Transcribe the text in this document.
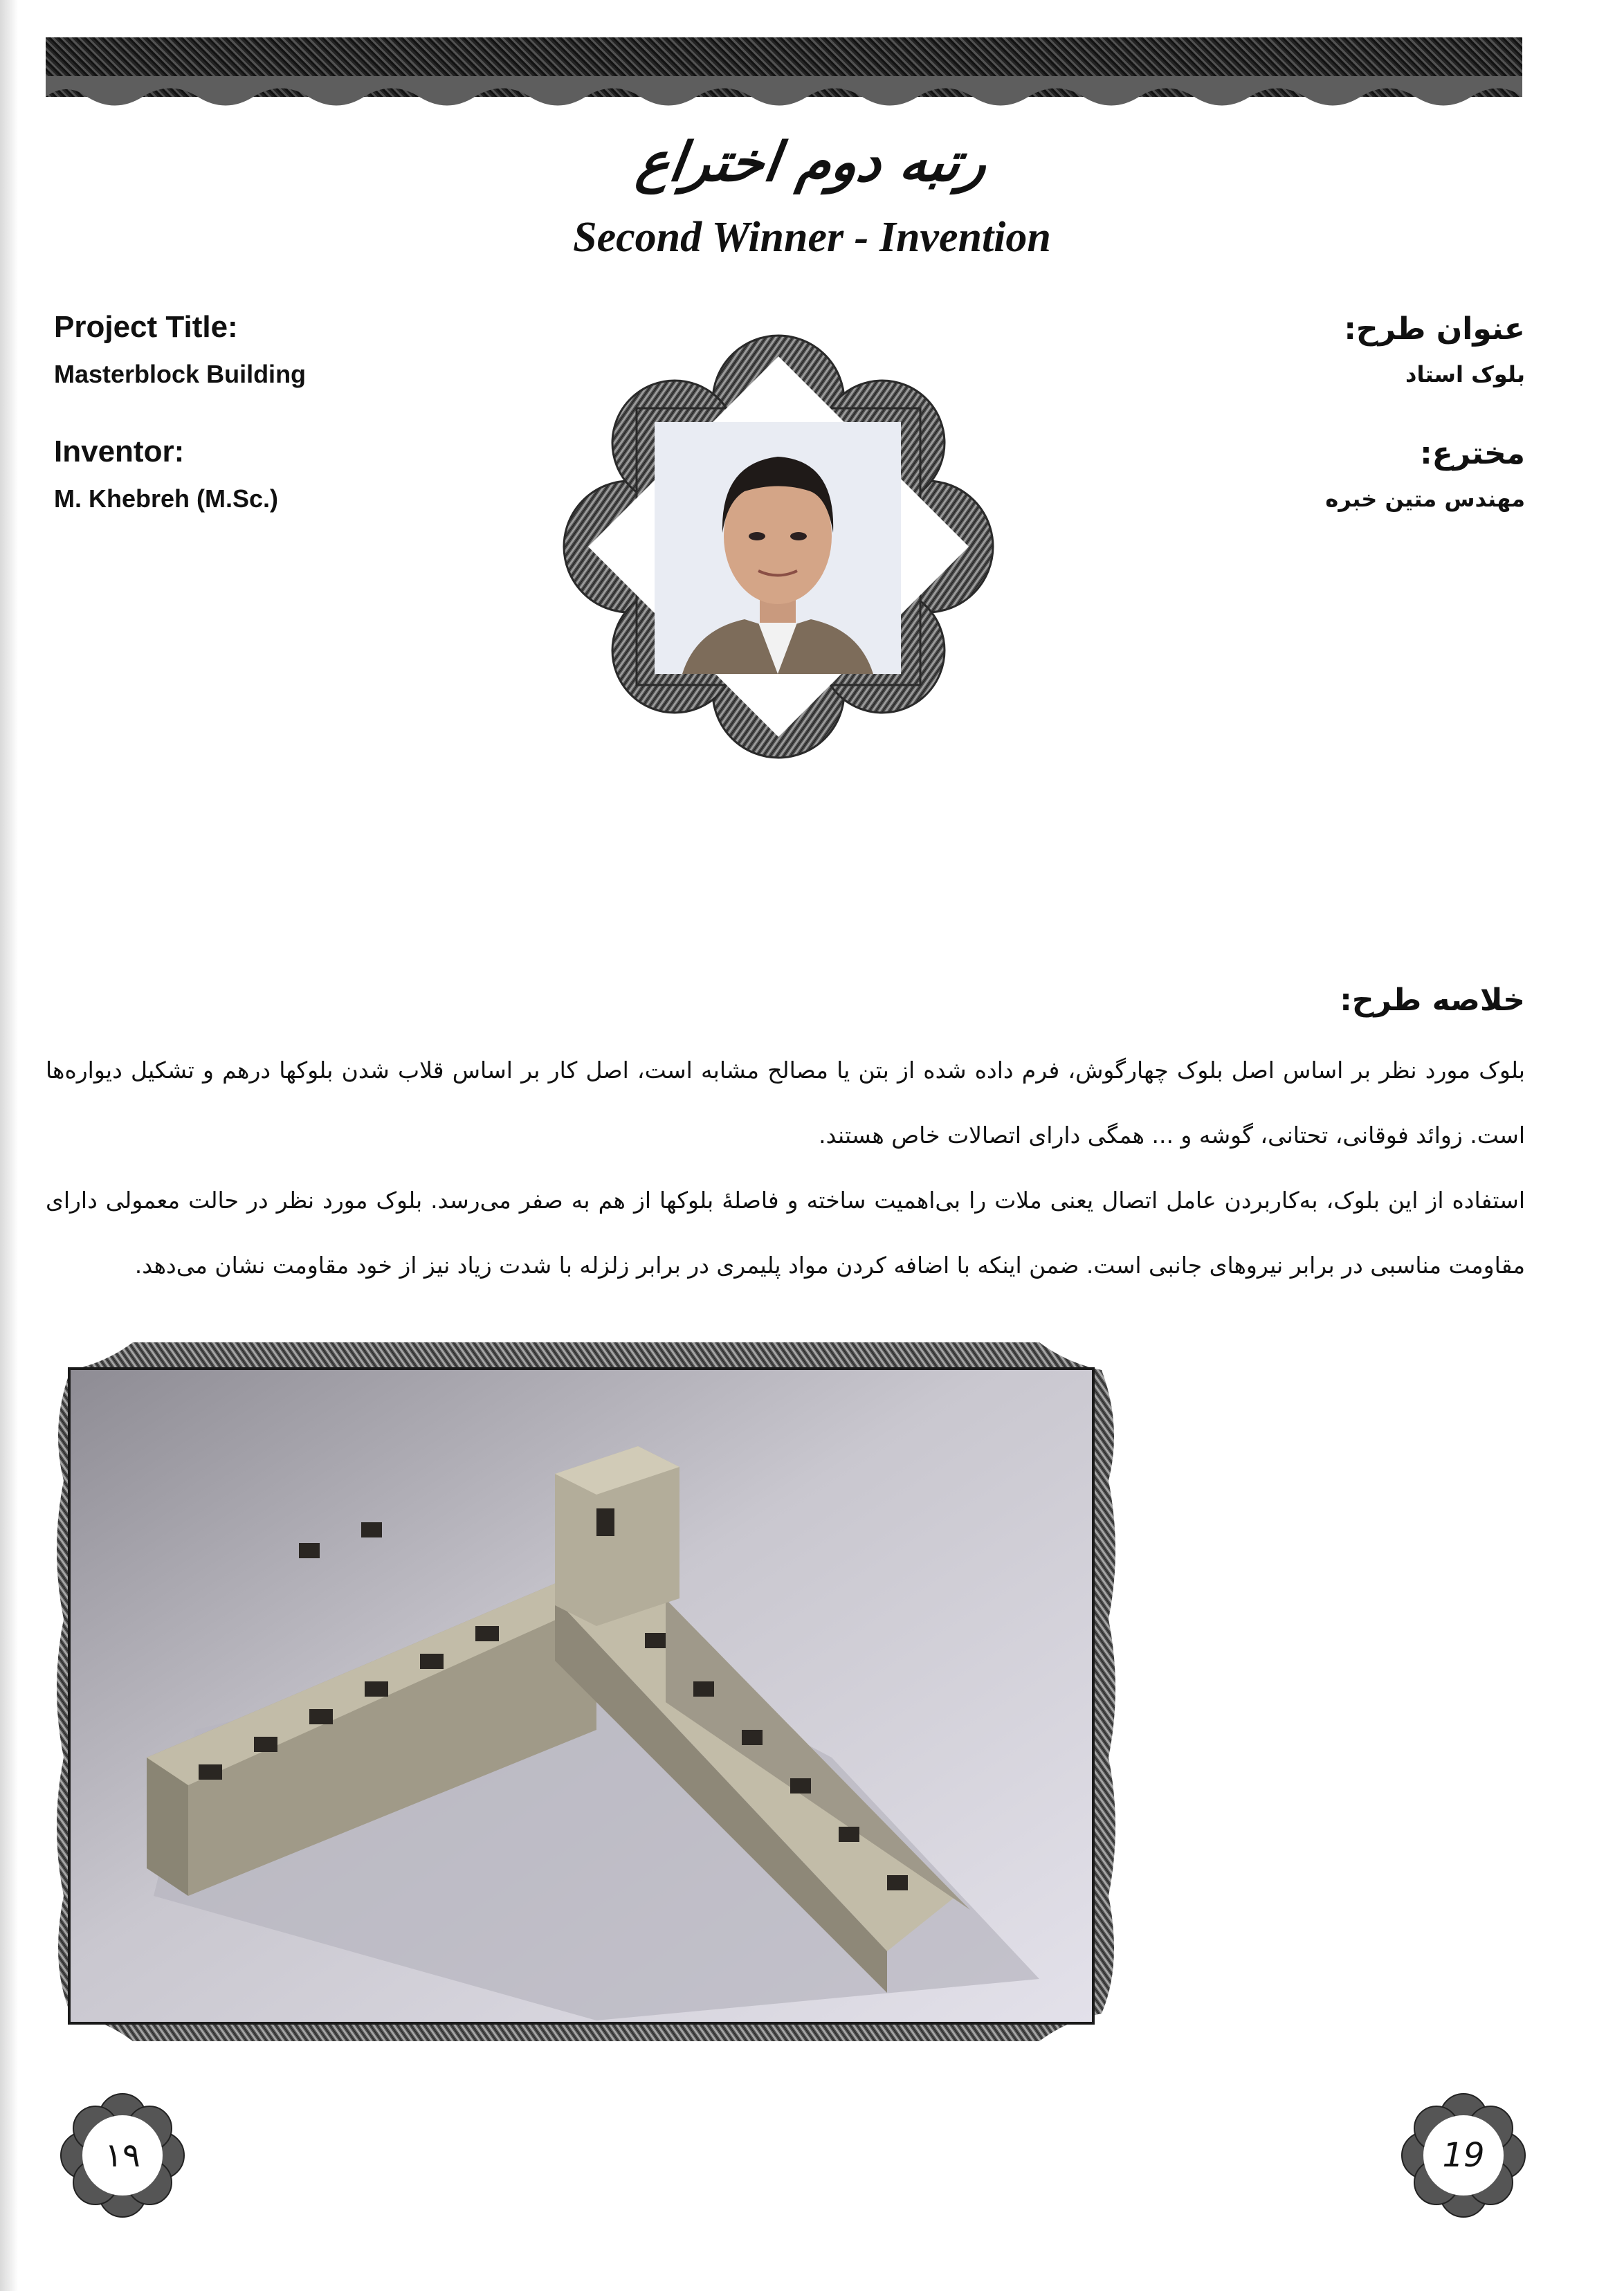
رتبه دوم اختراع
Second Winner - Invention
Project Title:
Masterblock Building
Inventor:
M. Khebreh (M.Sc.)
عنوان طرح:
بلوک استاد
مخترع:
مهندس متین خبره
خلاصه طرح:
بلوک مورد نظر بر اساس اصل بلوک چهارگوش، فرم داده شده از بتن یا مصالح مشابه است، اصل کار بر اساس قلاب شدن بلوکها درهم و تشکیل دیواره‌ها است. زوائد فوقانی، تحتانی، گوشه و ... همگی دارای اتصالات خاص هستند.
استفاده از این بلوک، به‌کاربردن عامل اتصال یعنی ملات را بی‌اهمیت ساخته و فاصلهٔ بلوکها از هم به صفر می‌رسد. بلوک مورد نظر در حالت معمولی دارای مقاومت مناسبی در برابر نیروهای جانبی است. ضمن اینکه با اضافه کردن مواد پلیمری در برابر زلزله با شدت زیاد نیز از خود مقاومت نشان می‌دهد.
۱۹	19
